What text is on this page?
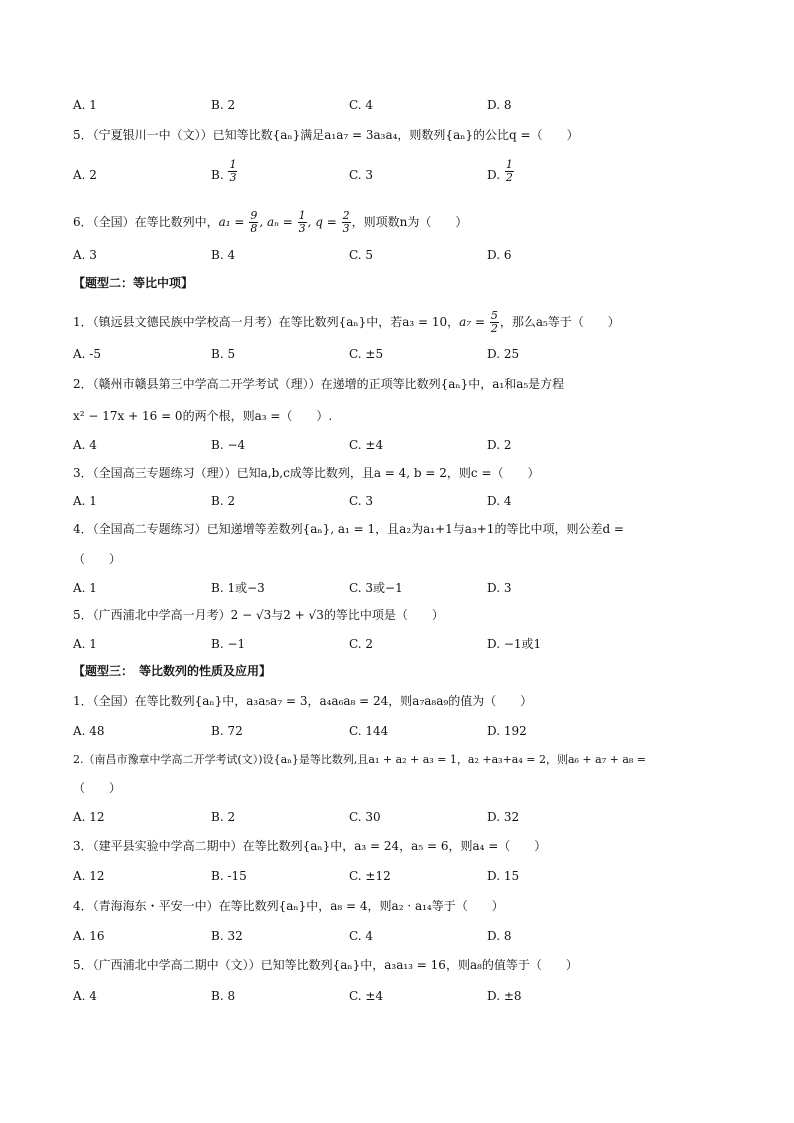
A. 1	B. 2	C. 4	D. 8
5．（宁夏银川一中（文））已知等比数{aₙ}满足a₁a₇ = 3a₃a₄，则数列{aₙ}的公比q =（　　）
A. 2	B. $\frac{1}{3}$	C. 3	D. $\frac{1}{2}$
6．（全国）在等比数列中，$a_1 = \frac{9}{8}$ , $a_n = \frac{1}{3}$ , $q = \frac{2}{3}$ ，则项数n为（　　）
A. 3	B. 4	C. 5	D. 6
【题型二：等比中项】
1．（镇远县文德民族中学校高一月考）在等比数列{aₙ}中，若a₃ = 10，$a_7 = \frac{5}{2}$ ，那么a₅等于（　　）
A. -5	B. 5	C. ±5	D. 25
2．（赣州市赣县第三中学高二开学考试（理））在递增的正项等比数列{aₙ}中，a₁和a₅是方程
x² − 17x + 16 = 0的两个根，则a₃ =（　　）.
A. 4	B. −4	C. ±4	D. 2
3．（全国高三专题练习（理））已知a,b,c成等比数列，且a = 4, b = 2，则c =（　　）
A. 1	B. 2	C. 3	D. 4
4．（全国高二专题练习）已知递增等差数列{aₙ}, a₁ = 1，且a₂为a₁+1与a₃+1的等比中项，则公差d =
（　　）
A. 1	B. 1或−3	C. 3或−1	D. 3
5．（广西浦北中学高一月考）2 − √3与2 + √3的等比中项是（　　）
A. 1	B. −1	C. 2	D. −1或1
【题型三：　等比数列的性质及应用】
1．（全国）在等比数列{aₙ}中，a₃a₅a₇ = 3，a₄a₆a₈ = 24，则a₇a₈a₉的值为（　　）
A. 48	B. 72	C. 144	D. 192
2.（南昌市豫章中学高二开学考试(文）)设{aₙ}是等比数列,且a₁ + a₂ + a₃ = 1，a₂ +a₃+a₄ = 2，则a₆ + a₇ + a₈ =
（　　）
A. 12	B. 2	C. 30	D. 32
3．（建平县实验中学高二期中）在等比数列{aₙ}中，a₃ = 24，a₅ = 6，则a₄ =（　　）
A. 12	B. -15	C. ±12	D. 15
4．（青海海东・平安一中）在等比数列{aₙ}中，a₈ = 4，则a₂ · a₁₄等于（　　）
A. 16	B. 32	C. 4	D. 8
5．（广西浦北中学高二期中（文））已知等比数列{aₙ}中，a₃a₁₃ = 16，则a₈的值等于（　　）
A. 4	B. 8	C. ±4	D. ±8
